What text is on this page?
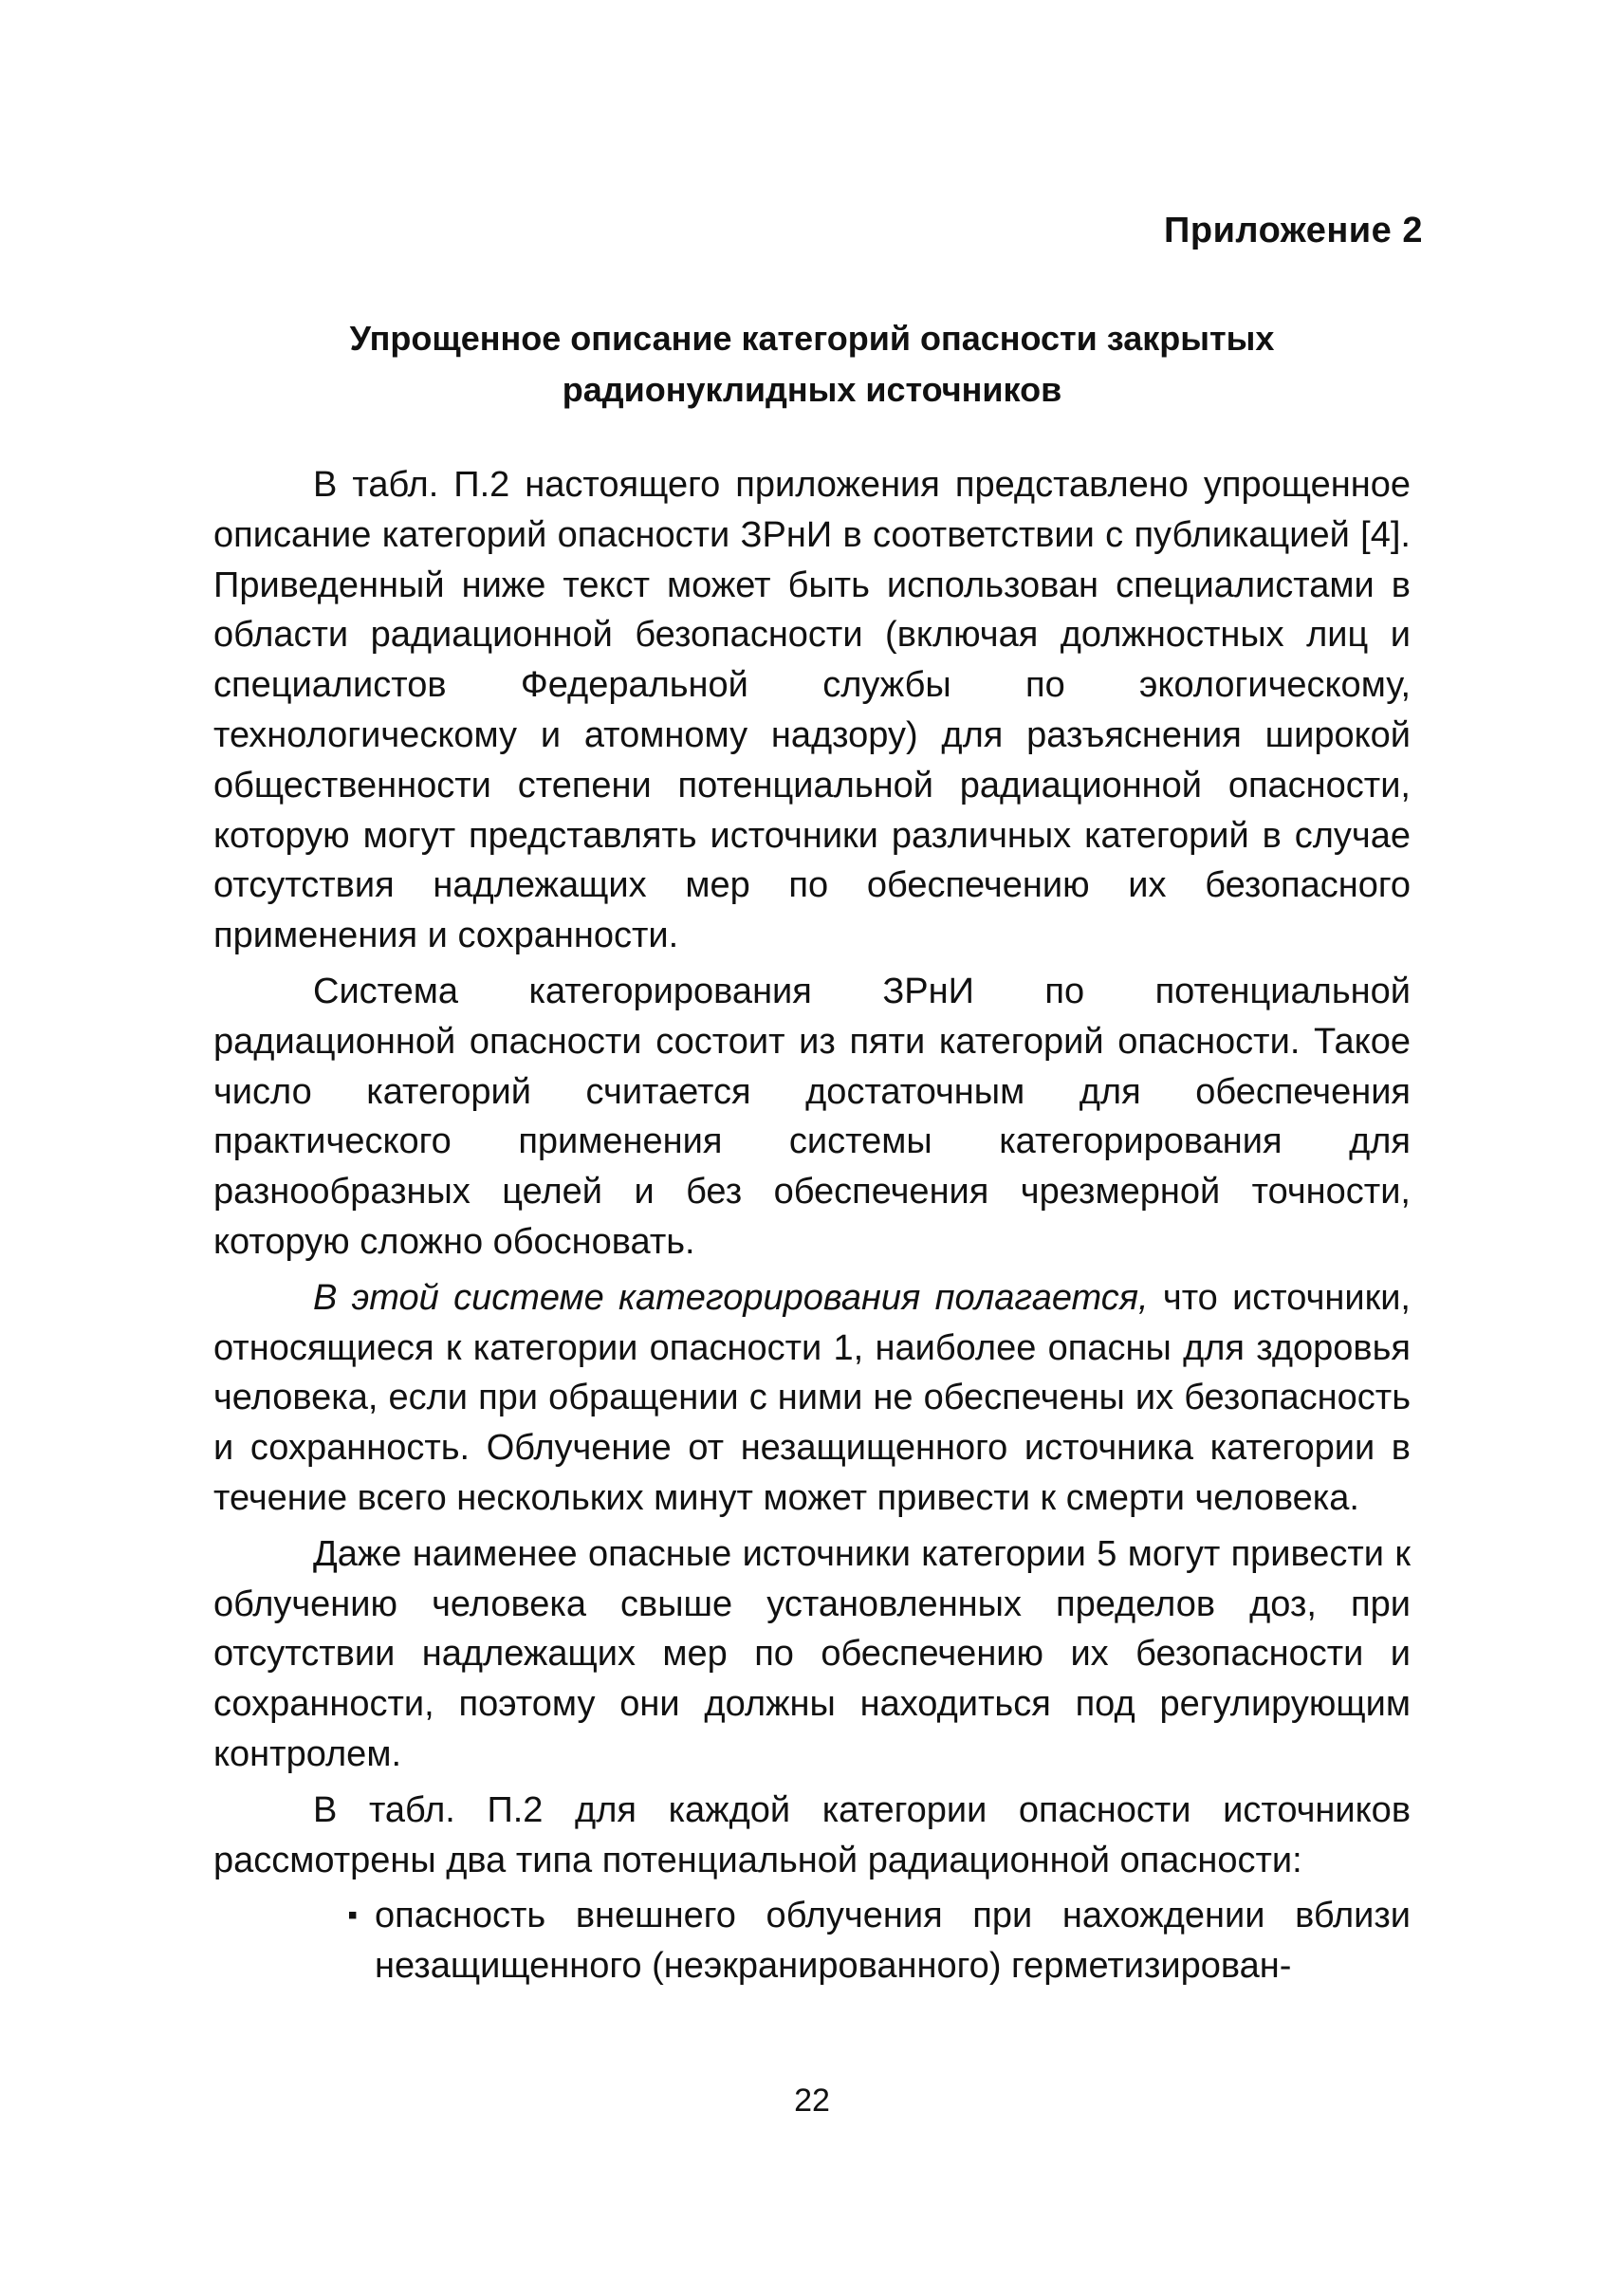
Приложение 2
Упрощенное описание категорий опасности закрытых
радионуклидных источников

В табл. П.2 настоящего приложения представлено упрощенное описание категорий опасности ЗРнИ в соответствии с публикацией [4]. Приведенный ниже текст может быть использован специалистами в области радиационной безопасности (включая должностных лиц и специалистов Федеральной службы по экологическому, технологическому и атомному надзору) для разъяснения широкой общественности степени потенциальной радиационной опасности, которую могут представлять источники различных категорий в случае отсутствия надлежащих мер по обеспечению их безопасного применения и сохранности.

Система категорирования ЗРнИ по потенциальной радиационной опасности состоит из пяти категорий опасности. Такое число категорий считается достаточным для обеспечения практического применения системы категорирования для разнообразных целей и без обеспечения чрезмерной точности, которую сложно обосновать.

В этой системе категорирования полагается, что источники, относящиеся к категории опасности 1, наиболее опасны для здоровья человека, если при обращении с ними не обеспечены их безопасность и сохранность. Облучение от незащищенного источника категории в течение всего нескольких минут может привести к смерти человека.

Даже наименее опасные источники категории 5 могут привести к облучению человека свыше установленных пределов доз, при отсутствии надлежащих мер по обеспечению их безопасности и сохранности, поэтому они должны находиться под регулирующим контролем.

В табл. П.2 для каждой категории опасности источников рассмотрены два типа потенциальной радиационной опасности:

▪ опасность внешнего облучения при нахождении вблизи незащищенного (неэкранированного) герметизирован-
22
